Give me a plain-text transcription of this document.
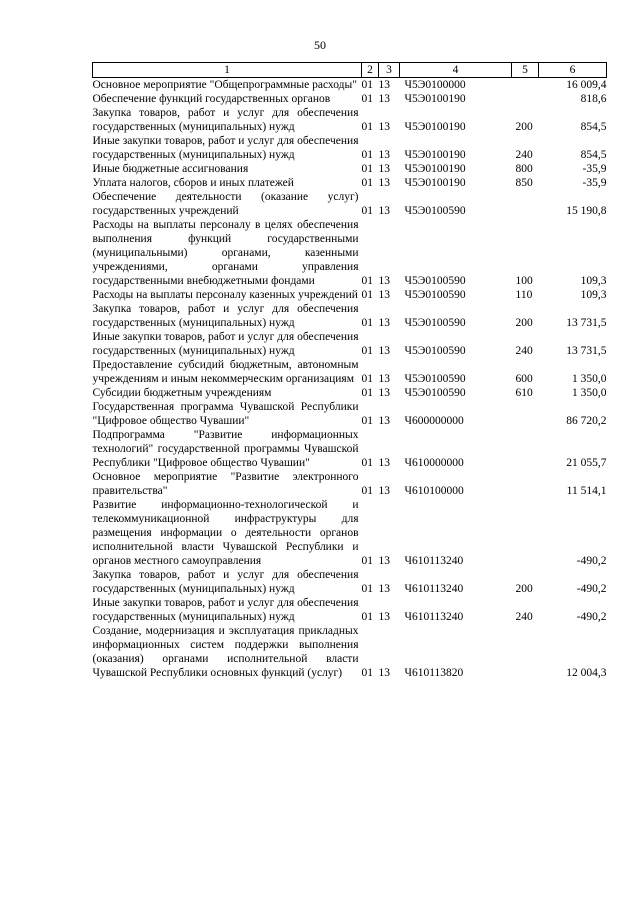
50
1	2	3	4	5	6
Основное мероприятие "Общепрограммные расходы"	01	13	Ч5Э0100000		16 009,4
Обеспечение функций государственных органов	01	13	Ч5Э0100190		818,6
Закупка товаров, работ и услуг для обеспечения государственных (муниципальных) нужд	01	13	Ч5Э0100190	200	854,5
Иные закупки товаров, работ и услуг для обеспечения государственных (муниципальных) нужд	01	13	Ч5Э0100190	240	854,5
Иные бюджетные ассигнования	01	13	Ч5Э0100190	800	-35,9
Уплата налогов, сборов и иных платежей	01	13	Ч5Э0100190	850	-35,9
Обеспечение деятельности (оказание услуг) государственных учреждений	01	13	Ч5Э0100590		15 190,8
Расходы на выплаты персоналу в целях обеспечения выполнения функций государственными (муниципальными) органами, казенными учреждениями, органами управления государственными внебюджетными фондами	01	13	Ч5Э0100590	100	109,3
Расходы на выплаты персоналу казенных учреждений	01	13	Ч5Э0100590	110	109,3
Закупка товаров, работ и услуг для обеспечения государственных (муниципальных) нужд	01	13	Ч5Э0100590	200	13 731,5
Иные закупки товаров, работ и услуг для обеспечения государственных (муниципальных) нужд	01	13	Ч5Э0100590	240	13 731,5
Предоставление субсидий бюджетным, автономным учреждениям и иным некоммерческим организациям	01	13	Ч5Э0100590	600	1 350,0
Субсидии бюджетным учреждениям	01	13	Ч5Э0100590	610	1 350,0
Государственная программа Чувашской Республики "Цифровое общество Чувашии"	01	13	Ч600000000		86 720,2
Подпрограмма "Развитие информационных технологий" государственной программы Чувашской Республики "Цифровое общество Чувашии"	01	13	Ч610000000		21 055,7
Основное мероприятие "Развитие электронного правительства"	01	13	Ч610100000		11 514,1
Развитие информационно-технологической и телекоммуникационной инфраструктуры для размещения информации о деятельности органов исполнительной власти Чувашской Республики и органов местного самоуправления	01	13	Ч610113240		-490,2
Закупка товаров, работ и услуг для обеспечения государственных (муниципальных) нужд	01	13	Ч610113240	200	-490,2
Иные закупки товаров, работ и услуг для обеспечения государственных (муниципальных) нужд	01	13	Ч610113240	240	-490,2
Создание, модернизация и эксплуатация прикладных информационных систем поддержки выполнения (оказания) органами исполнительной власти Чувашской Республики основных функций (услуг)	01	13	Ч610113820		12 004,3
